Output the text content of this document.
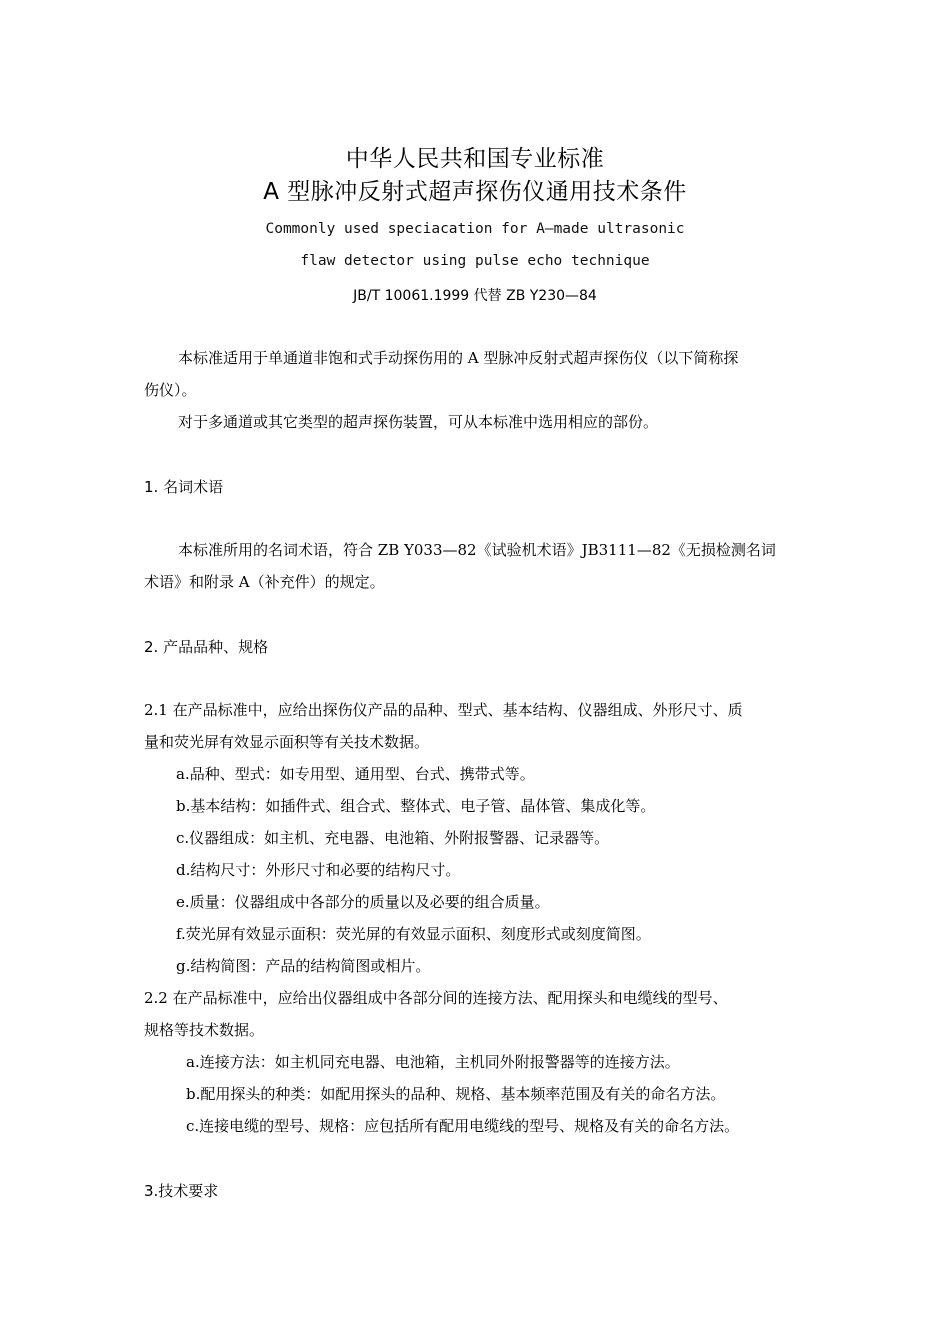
中华人民共和国专业标准
A 型脉冲反射式超声探伤仪通用技术条件
Commonly used speciacation for A—made ultrasonic
flaw detector using pulse echo technique
JB/T 10061.1999 代替 ZB Y230—84
本标准适用于单通道非饱和式手动探伤用的 A 型脉冲反射式超声探伤仪（以下简称探
伤仪）。
对于多通道或其它类型的超声探伤装置，可从本标准中选用相应的部份。
1. 名词术语
本标准所用的名词术语，符合 ZB Y033—82《试验机术语》JB3111—82《无损检测名词
术语》和附录 A（补充件）的规定。
2. 产品品种、规格
2.1 在产品标准中，应给出探伤仪产品的品种、型式、基本结构、仪器组成、外形尺寸、质
量和荧光屏有效显示面积等有关技术数据。
a.品种、型式：如专用型、通用型、台式、携带式等。
b.基本结构：如插件式、组合式、整体式、电子管、晶体管、集成化等。
c.仪器组成：如主机、充电器、电池箱、外附报警器、记录器等。
d.结构尺寸：外形尺寸和必要的结构尺寸。
e.质量：仪器组成中各部分的质量以及必要的组合质量。
f.荧光屏有效显示面积：荧光屏的有效显示面积、刻度形式或刻度简图。
g.结构简图：产品的结构简图或相片。
2.2 在产品标准中，应给出仪器组成中各部分间的连接方法、配用探头和电缆线的型号、
规格等技术数据。
a.连接方法：如主机同充电器、电池箱，主机同外附报警器等的连接方法。
b.配用探头的种类：如配用探头的品种、规格、基本频率范围及有关的命名方法。
c.连接电缆的型号、规格：应包括所有配用电缆线的型号、规格及有关的命名方法。
3.技术要求
